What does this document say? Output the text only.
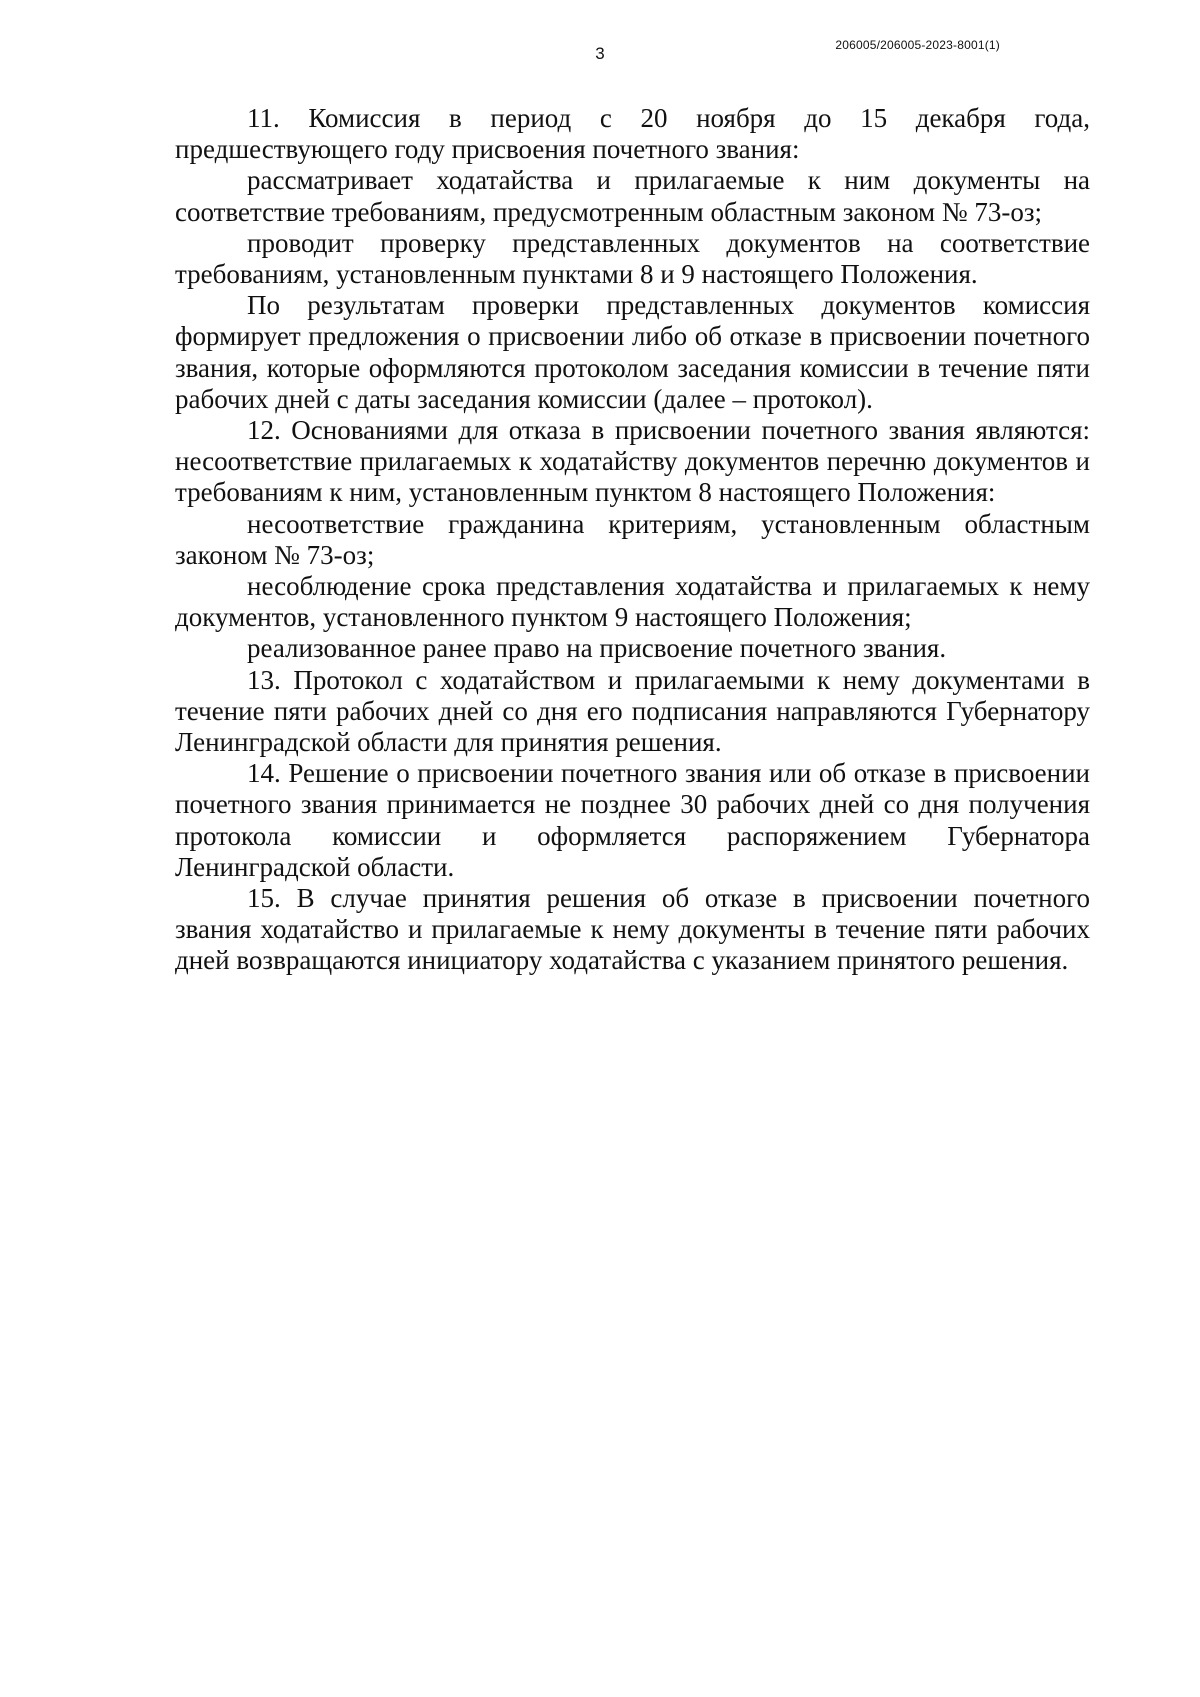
3	206005/206005-2023-8001(1)

11. Комиссия в период с 20 ноября до 15 декабря года, предшествующего году присвоения почетного звания:

рассматривает ходатайства и прилагаемые к ним документы на соответствие требованиям, предусмотренным областным законом № 73-оз;

проводит проверку представленных документов на соответствие требованиям, установленным пунктами 8 и 9 настоящего Положения.

По результатам проверки представленных документов комиссия формирует предложения о присвоении либо об отказе в присвоении почетного звания, которые оформляются протоколом заседания комиссии в течение пяти рабочих дней с даты заседания комиссии (далее – протокол).

12. Основаниями для отказа в присвоении почетного звания являются: несоответствие прилагаемых к ходатайству документов перечню документов и требованиям к ним, установленным пунктом 8 настоящего Положения:

несоответствие гражданина критериям, установленным областным законом № 73-оз;

несоблюдение срока представления ходатайства и прилагаемых к нему документов, установленного пунктом 9 настоящего Положения;

реализованное ранее право на присвоение почетного звания.

13. Протокол с ходатайством и прилагаемыми к нему документами в течение пяти рабочих дней со дня его подписания направляются Губернатору Ленинградской области для принятия решения.

14. Решение о присвоении почетного звания или об отказе в присвоении почетного звания принимается не позднее 30 рабочих дней со дня получения протокола комиссии и оформляется распоряжением Губернатора Ленинградской области.

15. В случае принятия решения об отказе в присвоении почетного звания ходатайство и прилагаемые к нему документы в течение пяти рабочих дней возвращаются инициатору ходатайства с указанием принятого решения.
